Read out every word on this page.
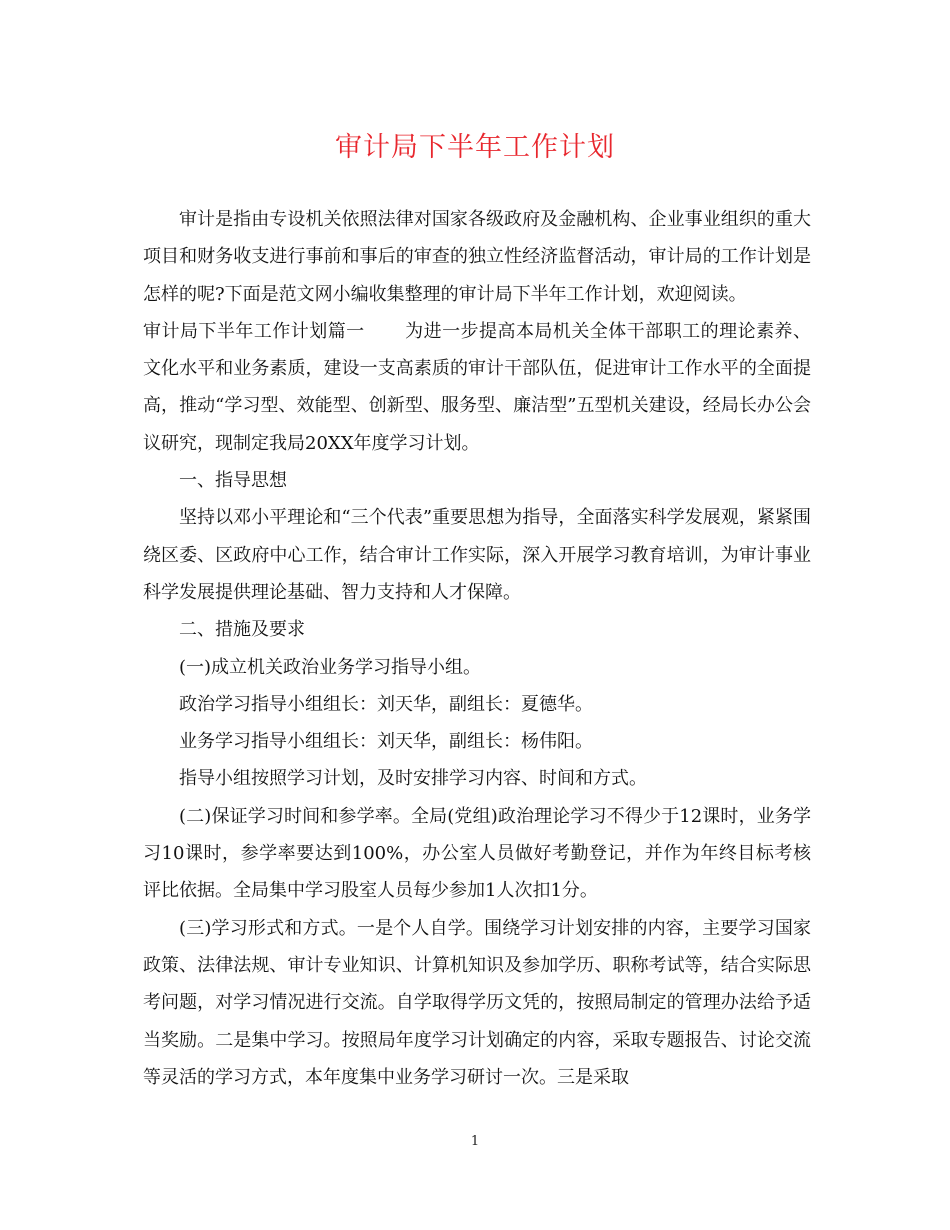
审计局下半年工作计划

审计是指由专设机关依照法律对国家各级政府及金融机构、企业事业组织的重大项目和财务收支进行事前和事后的审查的独立性经济监督活动，审计局的工作计划是怎样的呢?下面是范文网小编收集整理的审计局下半年工作计划，欢迎阅读。

审计局下半年工作计划篇一 为进一步提高本局机关全体干部职工的理论素养、文化水平和业务素质，建设一支高素质的审计干部队伍，促进审计工作水平的全面提高，推动“学习型、效能型、创新型、服务型、廉洁型”五型机关建设，经局长办公会议研究，现制定我局20XX年度学习计划。

一、指导思想

坚持以邓小平理论和“三个代表”重要思想为指导，全面落实科学发展观，紧紧围绕区委、区政府中心工作，结合审计工作实际，深入开展学习教育培训，为审计事业科学发展提供理论基础、智力支持和人才保障。

二、措施及要求

(一)成立机关政治业务学习指导小组。

政治学习指导小组组长：刘天华，副组长：夏德华。

业务学习指导小组组长：刘天华，副组长：杨伟阳。

指导小组按照学习计划，及时安排学习内容、时间和方式。

(二)保证学习时间和参学率。全局(党组)政治理论学习不得少于12课时，业务学习10课时，参学率要达到100%，办公室人员做好考勤登记，并作为年终目标考核评比依据。全局集中学习股室人员每少参加1人次扣1分。

(三)学习形式和方式。一是个人自学。围绕学习计划安排的内容，主要学习国家政策、法律法规、审计专业知识、计算机知识及参加学历、职称考试等，结合实际思考问题，对学习情况进行交流。自学取得学历文凭的，按照局制定的管理办法给予适当奖励。二是集中学习。按照局年度学习计划确定的内容，采取专题报告、讨论交流等灵活的学习方式，本年度集中业务学习研讨一次。三是采取

1
